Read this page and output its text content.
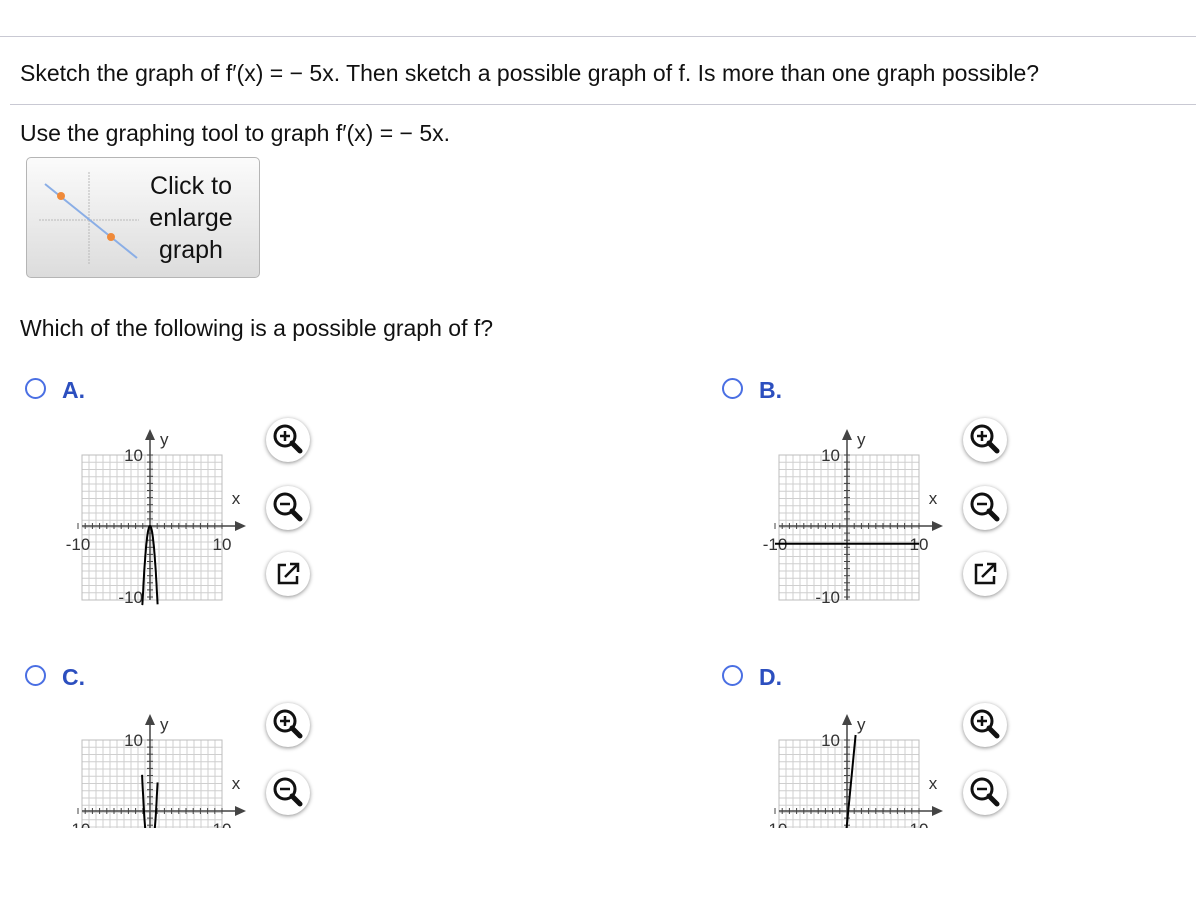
Sketch the graph of f′(x) = − 5x. Then sketch a possible graph of f. Is more than one graph possible?
Use the graphing tool to graph f′(x) = − 5x.
Click to
enlarge
graph
Which of the following is a possible graph of f?
A.
y
x
10
-10	10
-10
B.
y
x
10
-10	10
-10
C.
y
x
10
D.
y
x
10
